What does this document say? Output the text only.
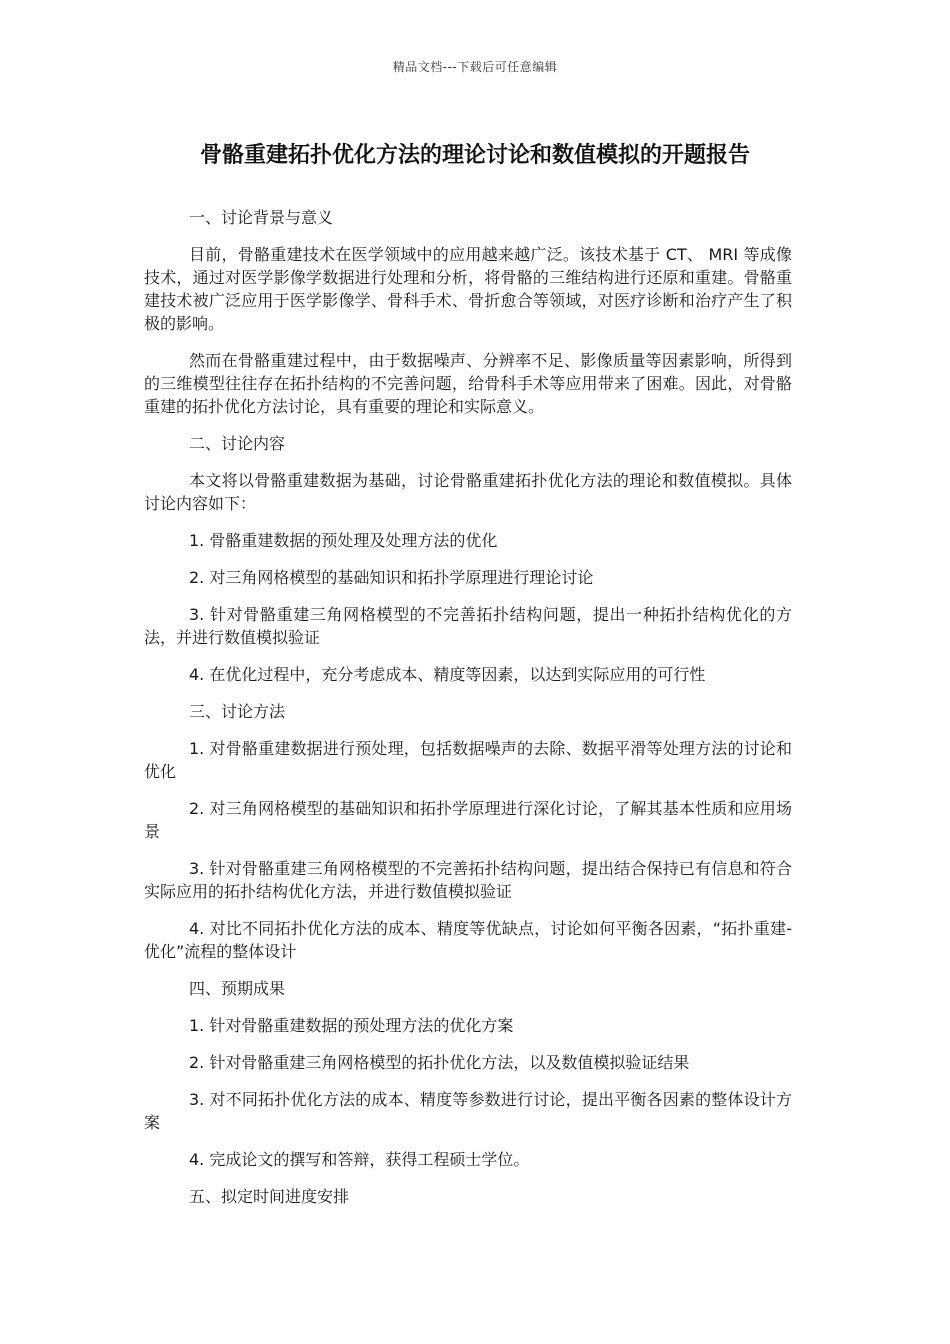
精品文档---下载后可任意编辑
骨骼重建拓扑优化方法的理论讨论和数值模拟的开题报告

一、讨论背景与意义

目前，骨骼重建技术在医学领域中的应用越来越广泛。该技术基于 CT、 MRI 等成像技术，通过对医学影像学数据进行处理和分析，将骨骼的三维结构进行还原和重建。骨骼重建技术被广泛应用于医学影像学、骨科手术、骨折愈合等领域，对医疗诊断和治疗产生了积极的影响。

然而在骨骼重建过程中，由于数据噪声、分辨率不足、影像质量等因素影响，所得到的三维模型往往存在拓扑结构的不完善问题，给骨科手术等应用带来了困难。因此，对骨骼重建的拓扑优化方法讨论，具有重要的理论和实际意义。

二、讨论内容

本文将以骨骼重建数据为基础，讨论骨骼重建拓扑优化方法的理论和数值模拟。具体讨论内容如下：

1. 骨骼重建数据的预处理及处理方法的优化

2. 对三角网格模型的基础知识和拓扑学原理进行理论讨论

3. 针对骨骼重建三角网格模型的不完善拓扑结构问题，提出一种拓扑结构优化的方法，并进行数值模拟验证

4. 在优化过程中，充分考虑成本、精度等因素，以达到实际应用的可行性

三、讨论方法

1. 对骨骼重建数据进行预处理，包括数据噪声的去除、数据平滑等处理方法的讨论和优化

2. 对三角网格模型的基础知识和拓扑学原理进行深化讨论，了解其基本性质和应用场景

3. 针对骨骼重建三角网格模型的不完善拓扑结构问题，提出结合保持已有信息和符合实际应用的拓扑结构优化方法，并进行数值模拟验证

4. 对比不同拓扑优化方法的成本、精度等优缺点，讨论如何平衡各因素，“拓扑重建-优化”流程的整体设计

四、预期成果

1. 针对骨骼重建数据的预处理方法的优化方案

2. 针对骨骼重建三角网格模型的拓扑优化方法，以及数值模拟验证结果

3. 对不同拓扑优化方法的成本、精度等参数进行讨论，提出平衡各因素的整体设计方案

4. 完成论文的撰写和答辩，获得工程硕士学位。

五、拟定时间进度安排
